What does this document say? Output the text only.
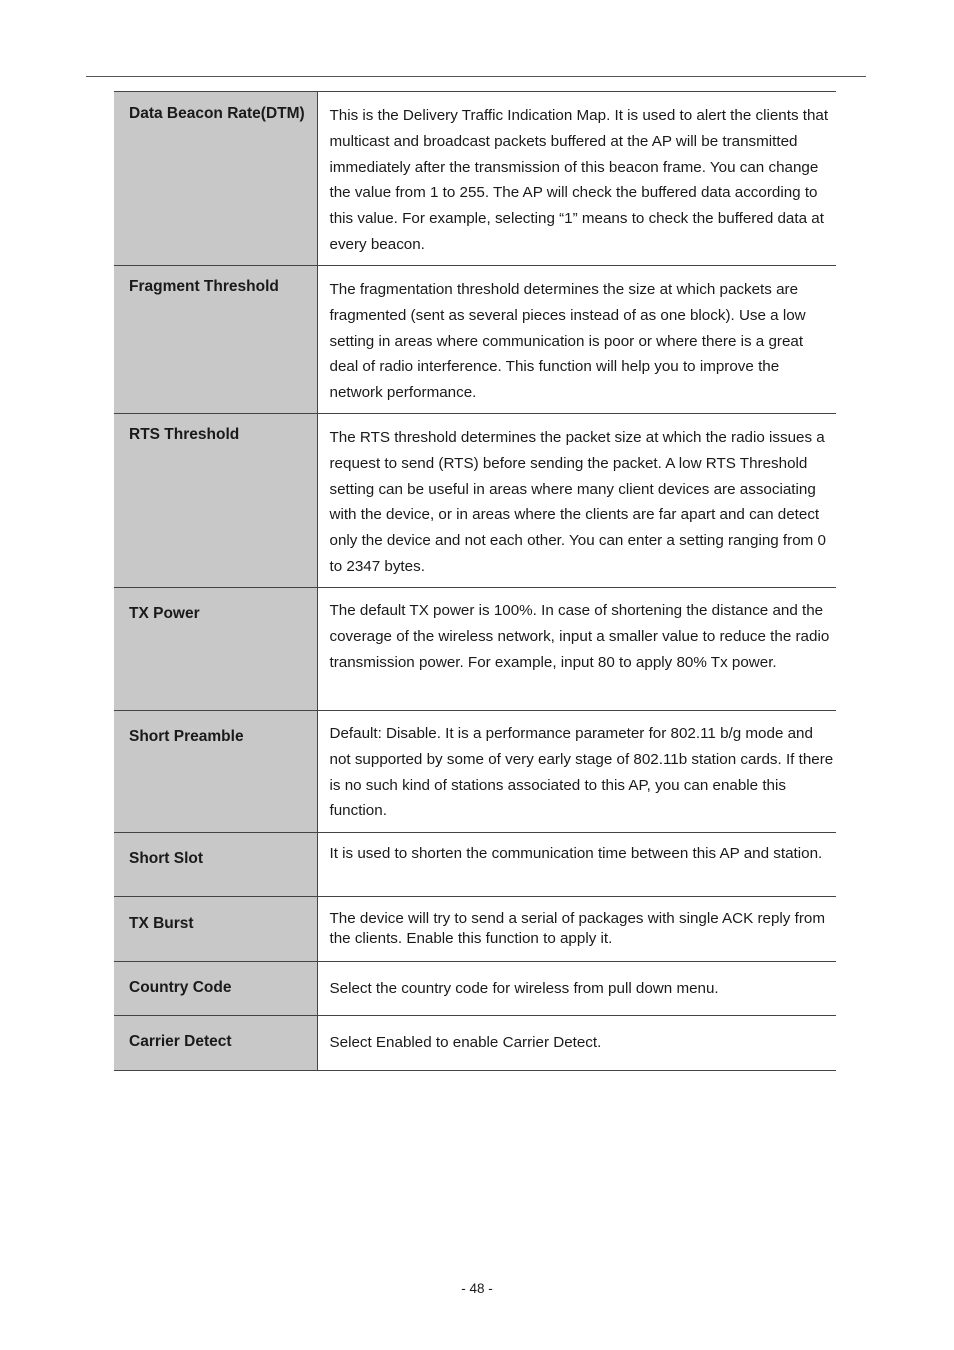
Data Beacon Rate(DTM)	This is the Delivery Traffic Indication Map. It is used to alert the clients that multicast and broadcast packets buffered at the AP will be transmitted immediately after the transmission of this beacon frame. You can change the value from 1 to 255. The AP will check the buffered data according to this value. For example, selecting “1” means to check the buffered data at every beacon.

Fragment Threshold	The fragmentation threshold determines the size at which packets are fragmented (sent as several pieces instead of as one block). Use a low setting in areas where communication is poor or where there is a great deal of radio interference. This function will help you to improve the network performance.

RTS Threshold	The RTS threshold determines the packet size at which the radio issues a request to send (RTS) before sending the packet. A low RTS Threshold setting can be useful in areas where many client devices are associating with the device, or in areas where the clients are far apart and can detect only the device and not each other. You can enter a setting ranging from 0 to 2347 bytes.

TX Power	The default TX power is 100%. In case of shortening the distance and the coverage of the wireless network, input a smaller value to reduce the radio transmission power. For example, input 80 to apply 80% Tx power.

Short Preamble	Default: Disable. It is a performance parameter for 802.11 b/g mode and not supported by some of very early stage of 802.11b station cards. If there is no such kind of stations associated to this AP, you can enable this function.

Short Slot	It is used to shorten the communication time between this AP and station.

TX Burst	The device will try to send a serial of packages with single ACK reply from the clients. Enable this function to apply it.

Country Code	Select the country code for wireless from pull down menu.

Carrier Detect	Select Enabled to enable Carrier Detect.
- 48 -
